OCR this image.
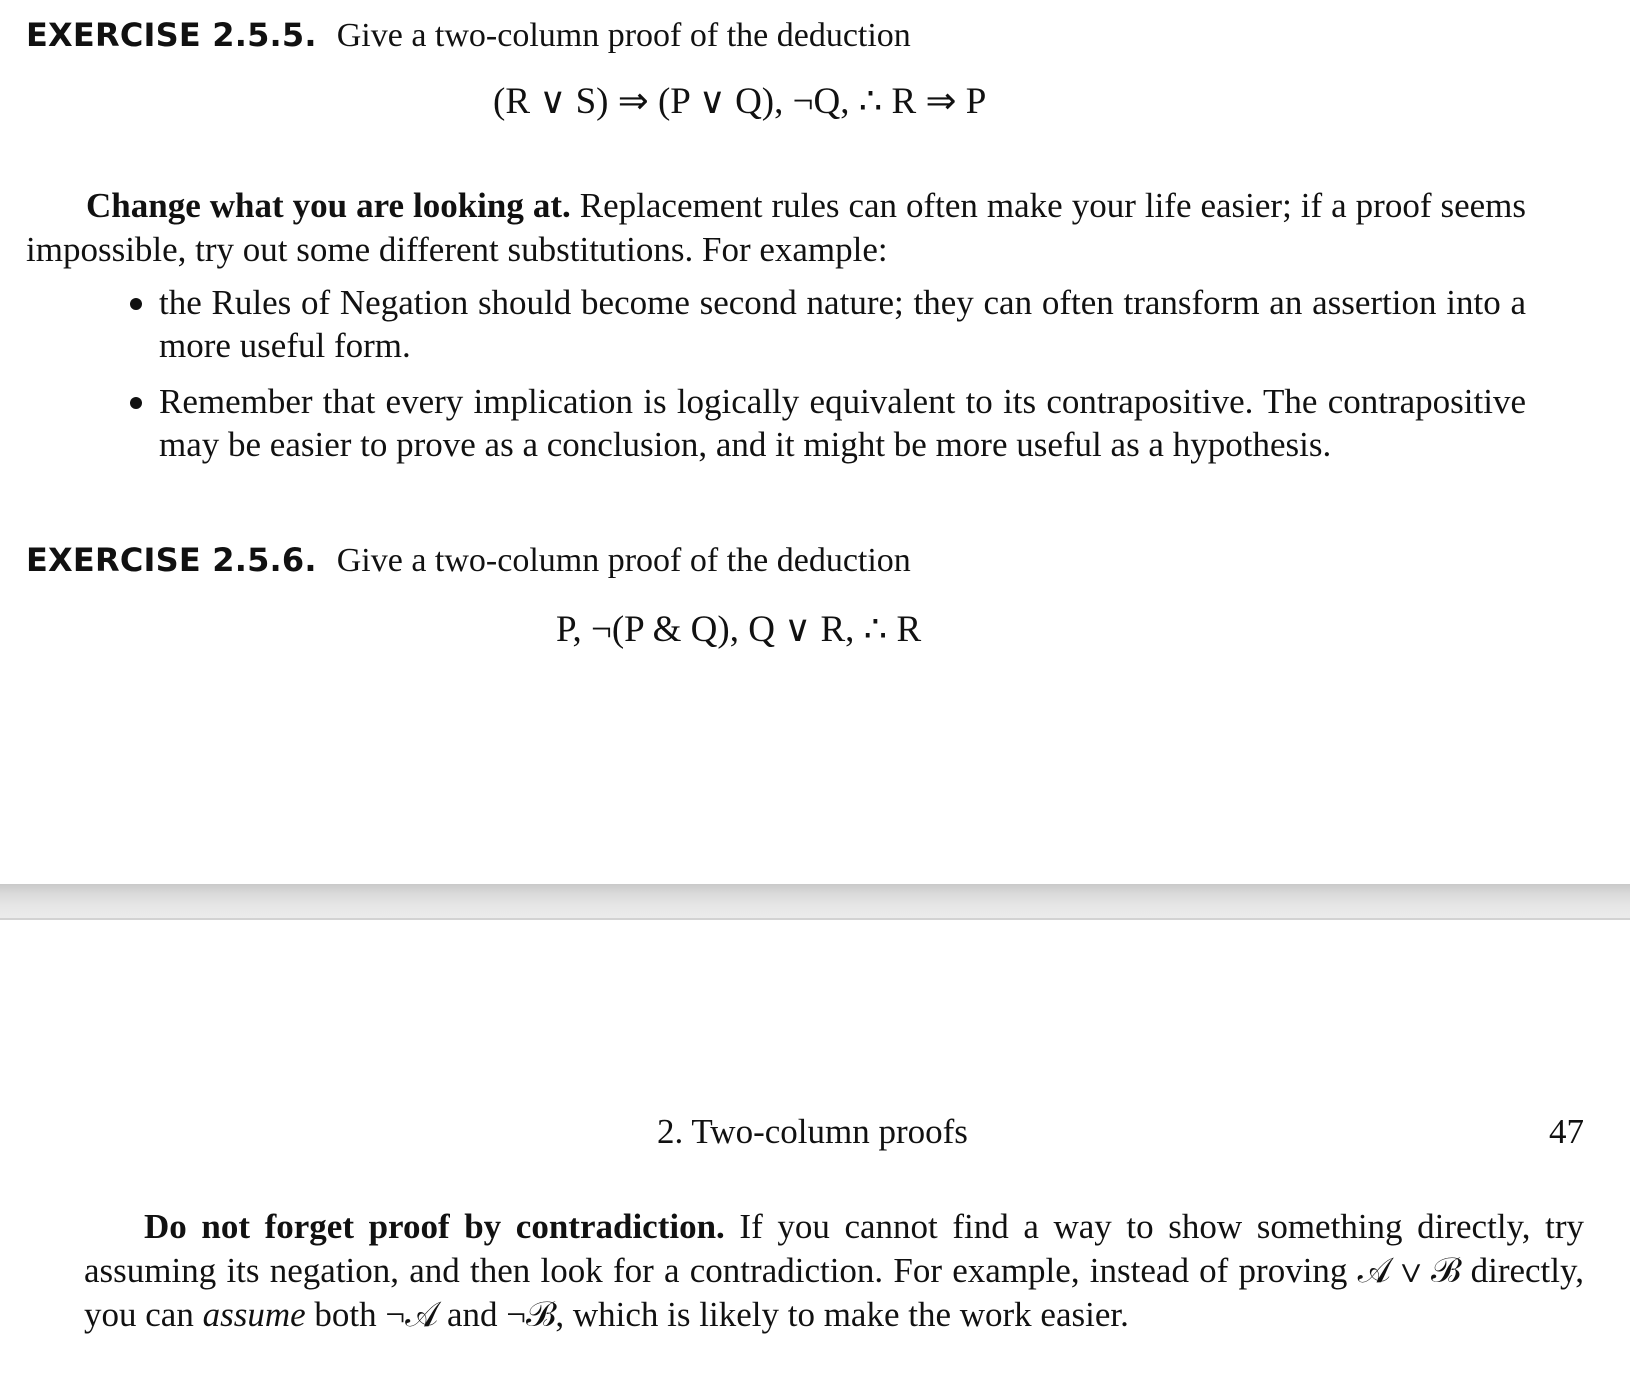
EXERCISE 2.5.5. Give a two-column proof of the deduction
(R ∨ S) ⇒ (P ∨ Q), ¬Q, ∴ R ⇒ P
Change what you are looking at. Replacement rules can often make your life easier; if a proof seems impossible, try out some different substitutions. For example:
the Rules of Negation should become second nature; they can often transform an assertion into a more useful form.
Remember that every implication is logically equivalent to its contrapositive. The contrapositive may be easier to prove as a conclusion, and it might be more useful as a hypothesis.
EXERCISE 2.5.6. Give a two-column proof of the deduction
P, ¬(P & Q), Q ∨ R, ∴ R
2. Two-column proofs	47
Do not forget proof by contradiction. If you cannot find a way to show something directly, try assuming its negation, and then look for a contradiction. For example, instead of proving 𝒜 ∨ ℬ directly, you can assume both ¬𝒜 and ¬ℬ, which is likely to make the work easier.
